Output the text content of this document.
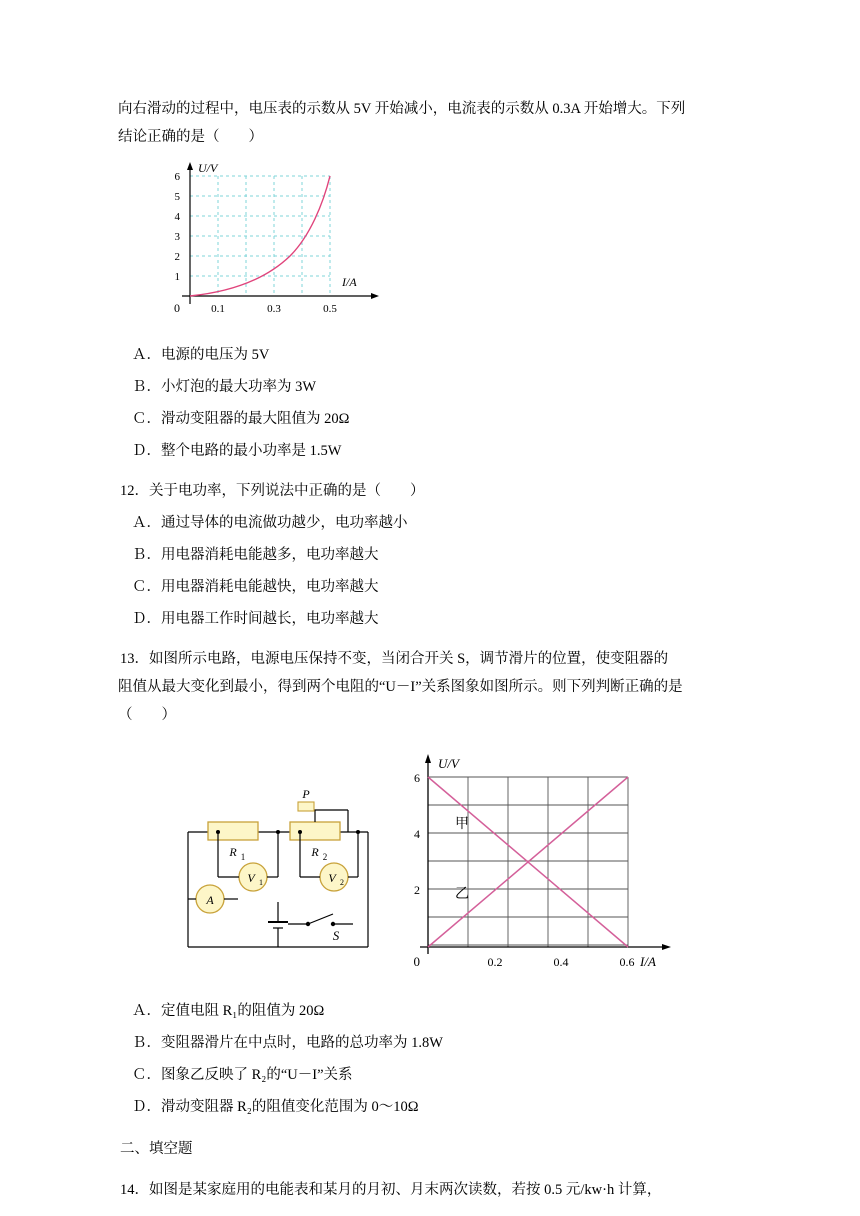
向右滑动的过程中，电压表的示数从 5V 开始减小，电流表的示数从 0.3A 开始增大。下列

结论正确的是（　　）

6
5
4
3
2
1
0	0.1	0.3	0.5
U/V
I/A

Ａ．电源的电压为 5V

Ｂ．小灯泡的最大功率为 3W

Ｃ．滑动变阻器的最大阻值为 20Ω

Ｄ．整个电路的最小功率是 1.5W

12．关于电功率，下列说法中正确的是（　　）

Ａ．通过导体的电流做功越少，电功率越小

Ｂ．用电器消耗电能越多，电功率越大

Ｃ．用电器消耗电能越快，电功率越大

Ｄ．用电器工作时间越长，电功率越大

13．如图所示电路，电源电压保持不变，当闭合开关 S，调节滑片的位置，使变阻器的

阻值从最大变化到最小，得到两个电阻的“U－I”关系图象如图所示。则下列判断正确的是

（　　）

R 1	R 2
P
V 1	V 2
A
S
甲
乙
6
4
2
0	0.2	0.4	0.6
U/V
I/A

Ａ．定值电阻 R₁的阻值为 20Ω

Ｂ．变阻器滑片在中点时，电路的总功率为 1.8W

Ｃ．图象乙反映了 R₂的“U－I”关系

Ｄ．滑动变阻器 R₂的阻值变化范围为 0～10Ω

二、填空题

14．如图是某家庭用的电能表和某月的月初、月末两次读数，若按 0.5 元/kw·h 计算，
